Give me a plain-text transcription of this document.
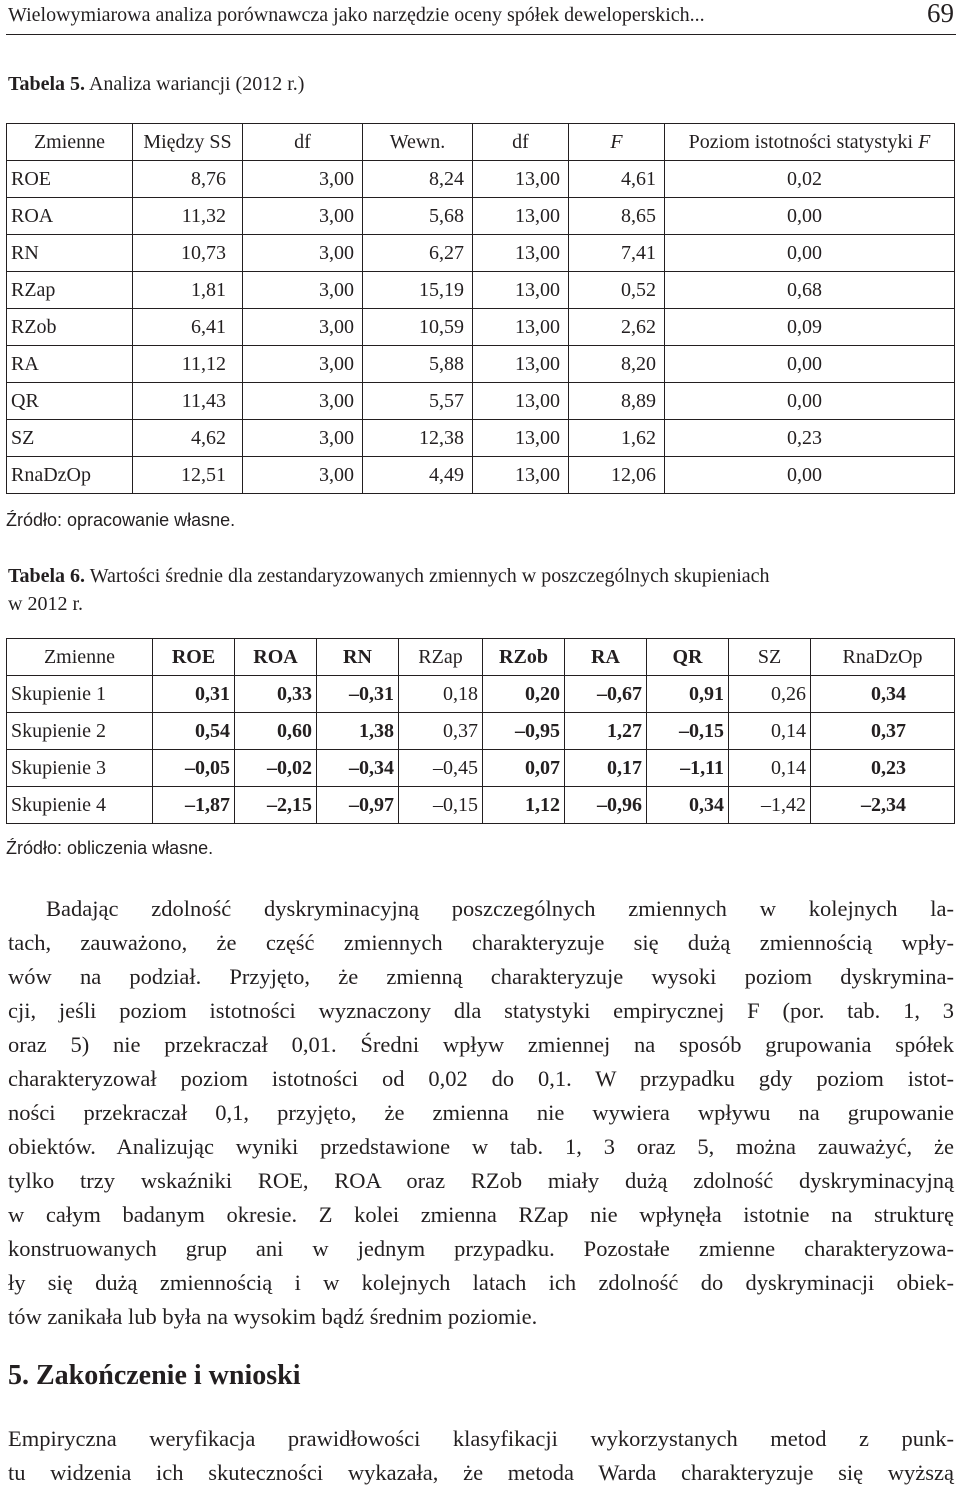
Wielowymiarowa analiza porównawcza jako narzędzie oceny spółek deweloperskich...	69
Tabela 5. Analiza wariancji (2012 r.)
Zmienne	Między SS	df	Wewn.	df	F	Poziom istotności statystyki F
ROE	8,76	3,00	8,24	13,00	4,61	0,02
ROA	11,32	3,00	5,68	13,00	8,65	0,00
RN	10,73	3,00	6,27	13,00	7,41	0,00
RZap	1,81	3,00	15,19	13,00	0,52	0,68
RZob	6,41	3,00	10,59	13,00	2,62	0,09
RA	11,12	3,00	5,88	13,00	8,20	0,00
QR	11,43	3,00	5,57	13,00	8,89	0,00
SZ	4,62	3,00	12,38	13,00	1,62	0,23
RnaDzOp	12,51	3,00	4,49	13,00	12,06	0,00
Źródło: opracowanie własne.
Tabela 6. Wartości średnie dla zestandaryzowanych zmiennych w poszczególnych skupieniach
w 2012 r.
Zmienne	ROE	ROA	RN	RZap	RZob	RA	QR	SZ	RnaDzOp
Skupienie 1	0,31	0,33	–0,31	0,18	0,20	–0,67	0,91	0,26	0,34
Skupienie 2	0,54	0,60	1,38	0,37	–0,95	1,27	–0,15	0,14	0,37
Skupienie 3	–0,05	–0,02	–0,34	–0,45	0,07	0,17	–1,11	0,14	0,23
Skupienie 4	–1,87	–2,15	–0,97	–0,15	1,12	–0,96	0,34	–1,42	–2,34
Źródło: obliczenia własne.
Badając zdolność dyskryminacyjną poszczególnych zmiennych w kolejnych la-
tach, zauważono, że część zmiennych charakteryzuje się dużą zmiennością wpły-
wów na podział. Przyjęto, że zmienną charakteryzuje wysoki poziom dyskrymina-
cji, jeśli poziom istotności wyznaczony dla statystyki empirycznej F (por. tab. 1, 3
oraz 5) nie przekraczał 0,01. Średni wpływ zmiennej na sposób grupowania spółek
charakteryzował poziom istotności od 0,02 do 0,1. W przypadku gdy poziom istot-
ności przekraczał 0,1, przyjęto, że zmienna nie wywiera wpływu na grupowanie
obiektów. Analizując wyniki przedstawione w tab. 1, 3 oraz 5, można zauważyć, że
tylko trzy wskaźniki ROE, ROA oraz RZob miały dużą zdolność dyskryminacyjną
w całym badanym okresie. Z kolei zmienna RZap nie wpłynęła istotnie na strukturę
konstruowanych grup ani w jednym przypadku. Pozostałe zmienne charakteryzowa-
ły się dużą zmiennością i w kolejnych latach ich zdolność do dyskryminacji obiek-
tów zanikała lub była na wysokim bądź średnim poziomie.
5. Zakończenie i wnioski
Empiryczna weryfikacja prawidłowości klasyfikacji wykorzystanych metod z punk-
tu widzenia ich skuteczności wykazała, że metoda Warda charakteryzuje się wyższą
